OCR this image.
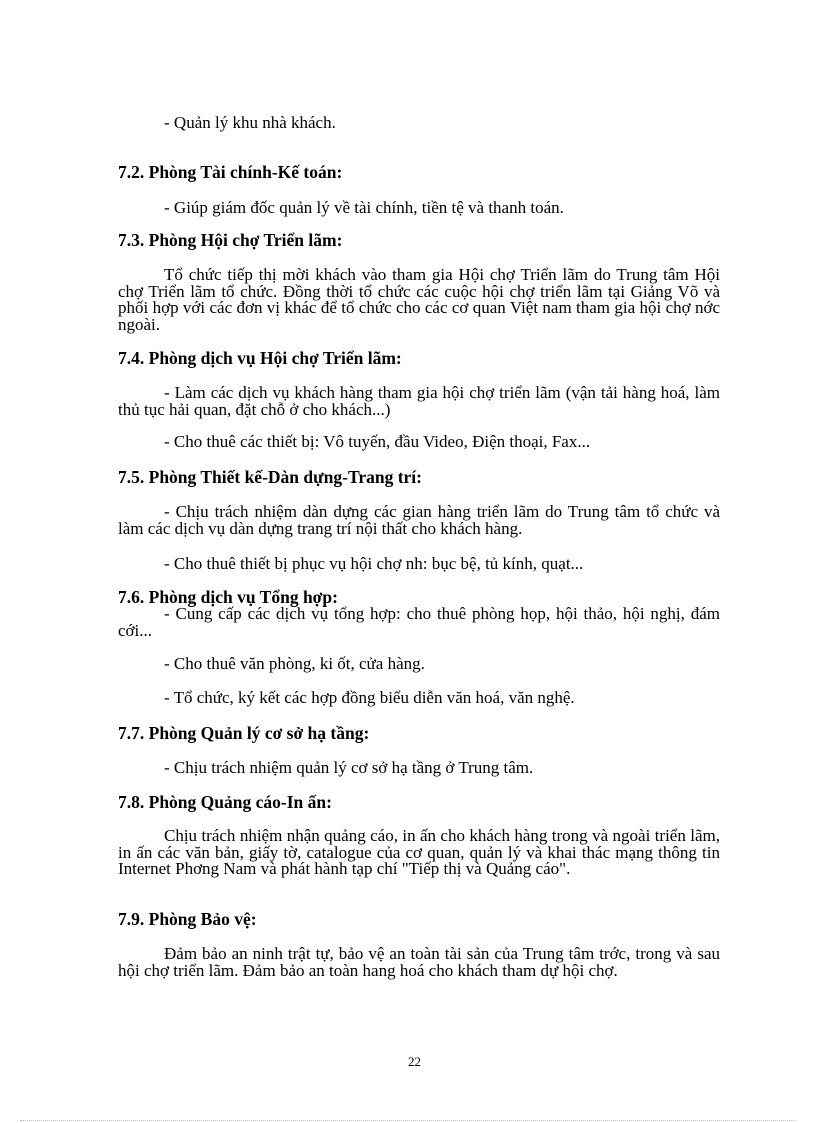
- Quản lý khu nhà khách.
7.2. Phòng Tài chính-Kế toán:
- Giúp giám đốc quản lý về tài chính, tiền tệ và thanh toán.
7.3. Phòng Hội chợ Triển lãm:
Tổ chức tiếp thị mời khách vào tham gia Hội chợ Triển lãm do Trung tâm Hội chợ Triển lãm tổ chức. Đồng thời tổ chức các cuộc hội chợ triển lãm tại Giảng Võ và phối hợp với các đơn vị khác để tổ chức cho các cơ quan Việt nam tham gia hội chợ nớc ngoài.
7.4. Phòng dịch vụ Hội chợ Triển lãm:
- Làm các dịch vụ khách hàng tham gia hội chợ triển lãm (vận tải hàng hoá, làm thủ tục hải quan, đặt chỗ ở cho khách...)
- Cho thuê các thiết bị: Vô tuyến, đầu Video, Điện thoại, Fax...
7.5. Phòng Thiết kế-Dàn dựng-Trang trí:
- Chịu trách nhiệm dàn dựng các gian hàng triển lãm do Trung tâm tổ chức và làm các dịch vụ dàn dựng trang trí nội thất cho khách hàng.
- Cho thuê thiết bị phục vụ hội chợ nh: bục bệ, tủ kính, quạt...
7.6. Phòng dịch vụ Tổng hợp:
- Cung cấp các dịch vụ tổng hợp: cho thuê phòng họp, hội thảo, hội nghị, đám cới...
- Cho thuê văn phòng, ki ốt, cửa hàng.
- Tổ chức, ký kết các hợp đồng biểu diễn văn hoá, văn nghệ.
7.7. Phòng Quản lý cơ sở hạ tầng:
- Chịu trách nhiệm quản lý cơ sở hạ tầng ở Trung tâm.
7.8. Phòng Quảng cáo-In ấn:
Chịu trách nhiệm nhận quảng cáo, in ấn cho khách hàng trong và ngoài triển lãm, in ấn các văn bản, giấy tờ, catalogue của cơ quan, quản lý và khai thác mạng thông tin Internet Phơng Nam và phát hành tạp chí "Tiếp thị và Quảng cáo".
7.9. Phòng Bảo vệ:
Đảm bảo an ninh trật tự, bảo vệ an toàn tài sản của Trung tâm trớc, trong và sau hội chợ triển lãm. Đảm bảo an toàn hang hoá cho khách tham dự hội chợ.
22
